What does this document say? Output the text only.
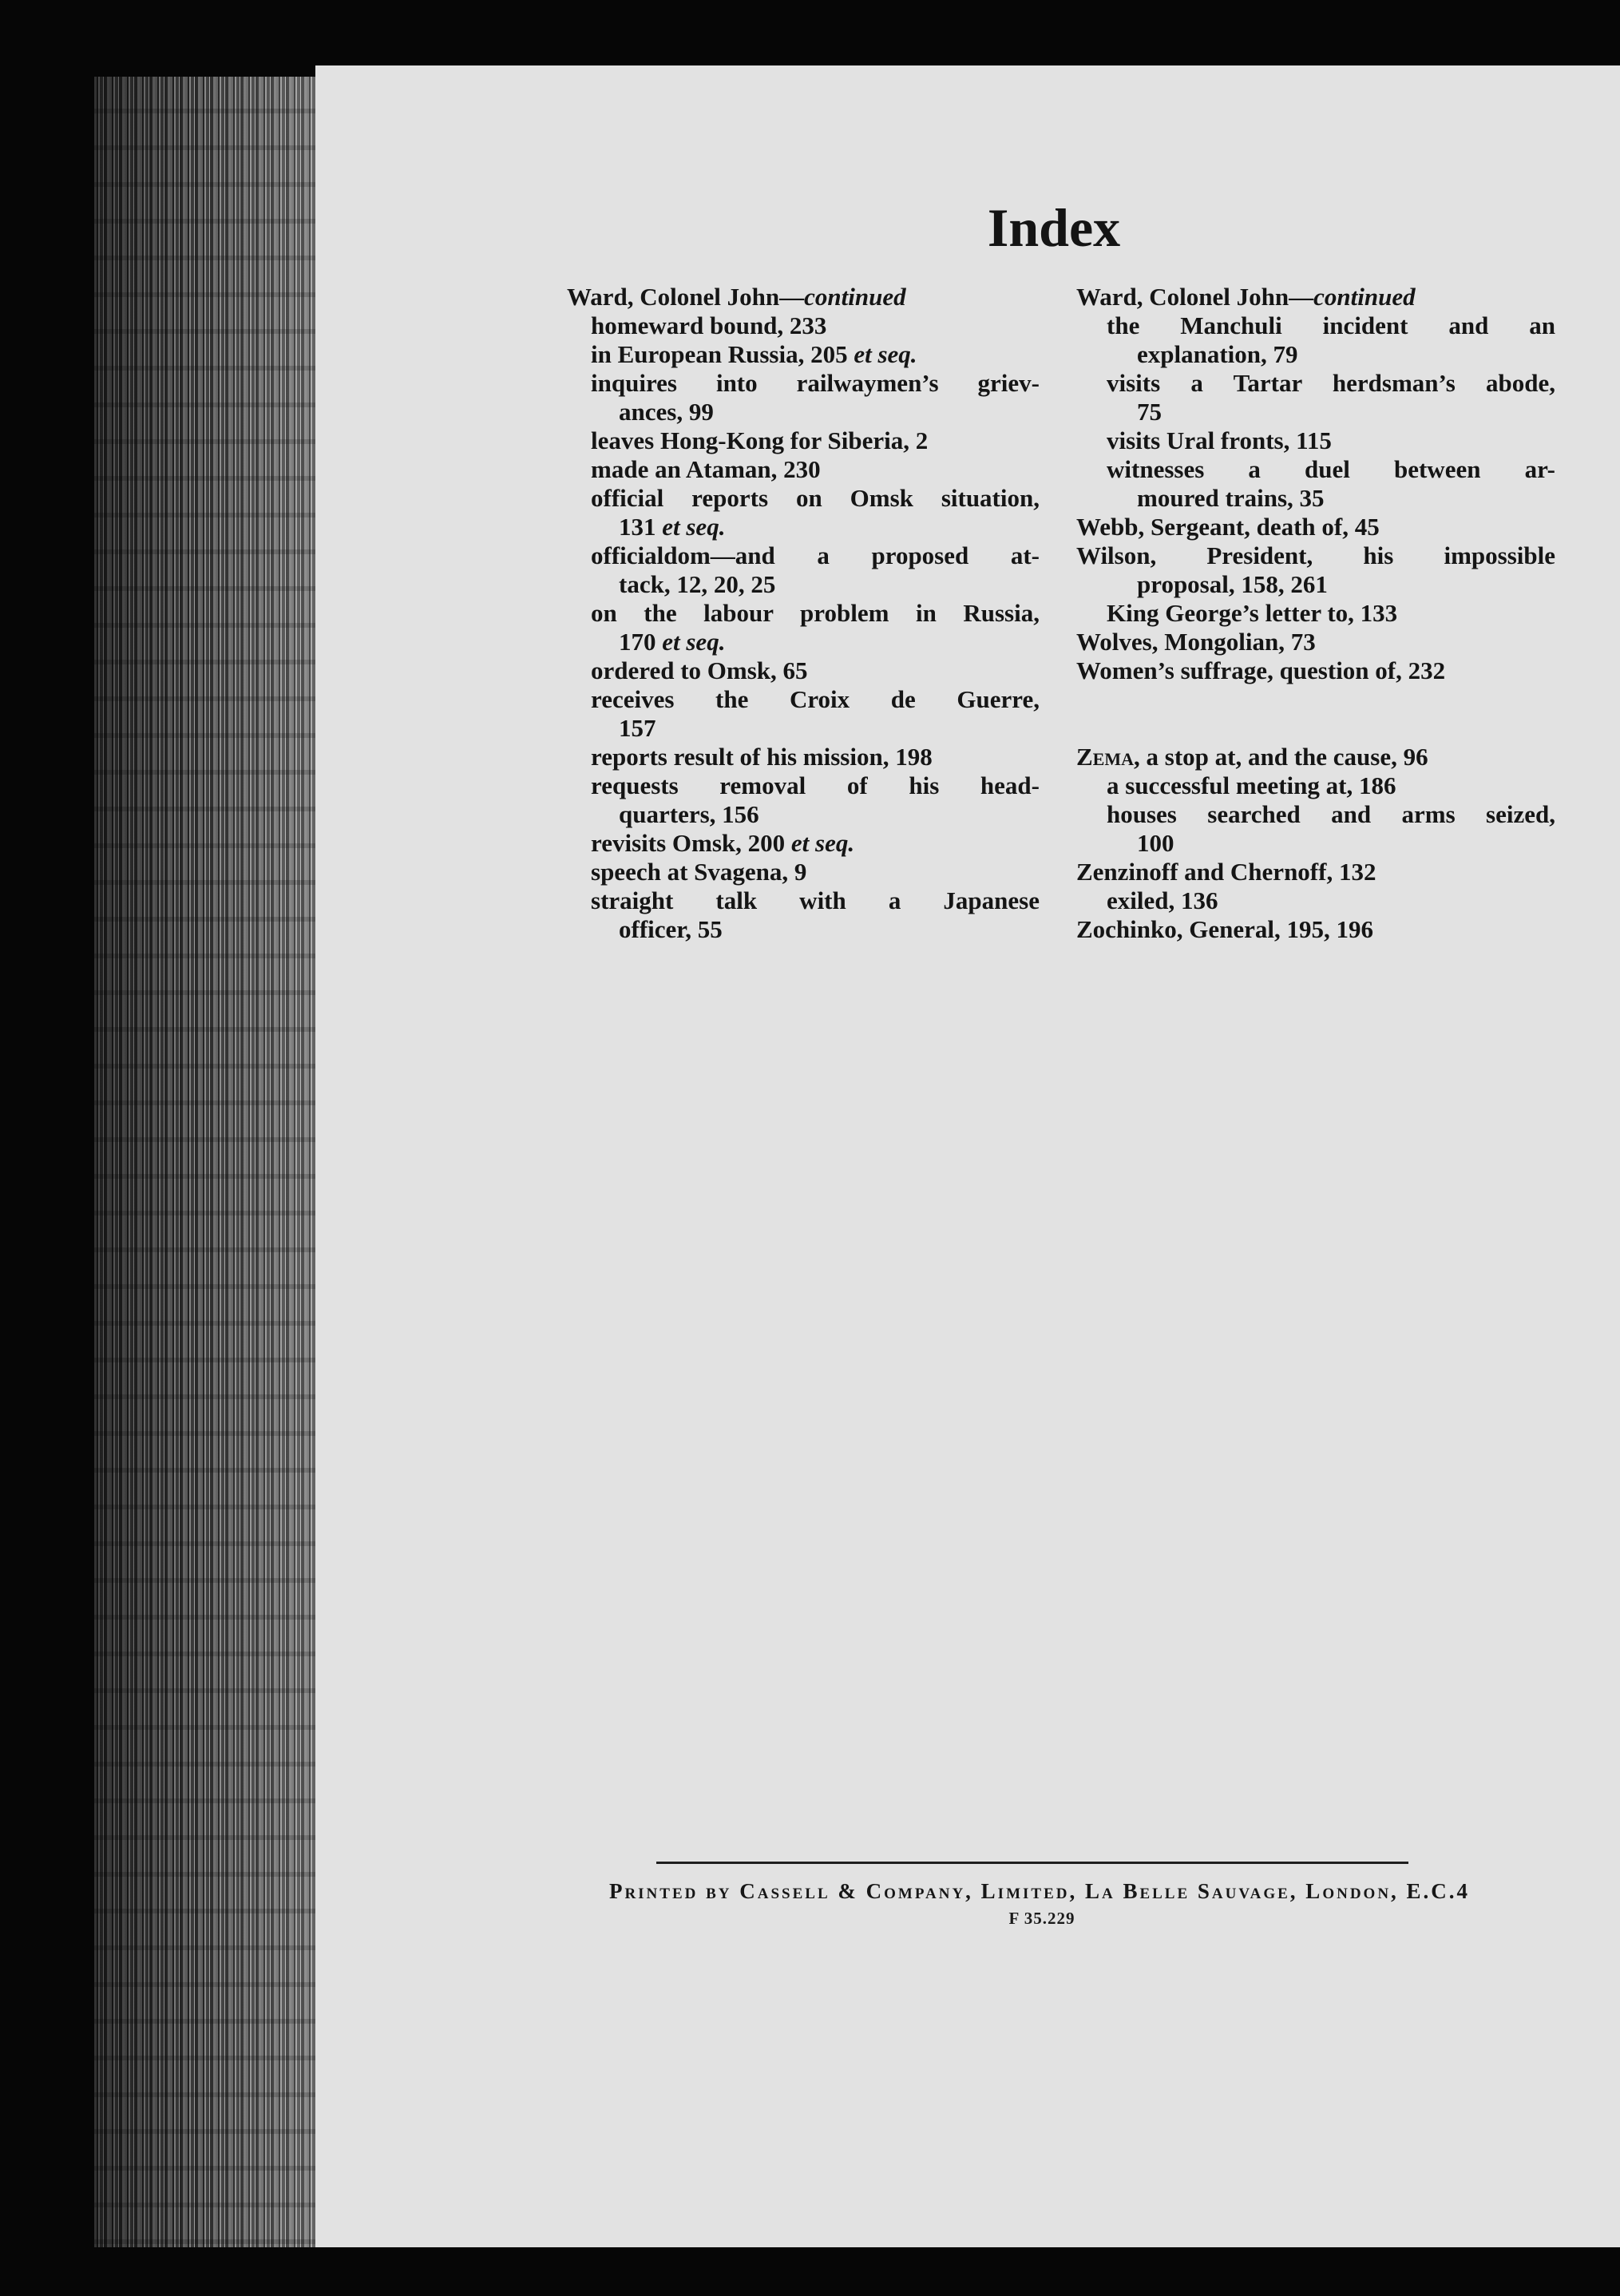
Index
Ward, Colonel John—continued
homeward bound, 233
in European Russia, 205 et seq.
inquires into railwaymen’s griev-
ances, 99
leaves Hong-Kong for Siberia, 2
made an Ataman, 230
official reports on Omsk situation,
131 et seq.
officialdom—and a proposed at-
tack, 12, 20, 25
on the labour problem in Russia,
170 et seq.
ordered to Omsk, 65
receives the Croix de Guerre,
157
reports result of his mission, 198
requests removal of his head-
quarters, 156
revisits Omsk, 200 et seq.
speech at Svagena, 9
straight talk with a Japanese
officer, 55
Ward, Colonel John—continued
the Manchuli incident and an
explanation, 79
visits a Tartar herdsman’s abode,
75
visits Ural fronts, 115
witnesses a duel between ar-
moured trains, 35
Webb, Sergeant, death of, 45
Wilson, President, his impossible
proposal, 158, 261
King George’s letter to, 133
Wolves, Mongolian, 73
Women’s suffrage, question of, 232
Zema, a stop at, and the cause, 96
a successful meeting at, 186
houses searched and arms seized,
100
Zenzinoff and Chernoff, 132
exiled, 136
Zochinko, General, 195, 196
Printed by Cassell & Company, Limited, La Belle Sauvage, London, E.C.4
F 35.229
